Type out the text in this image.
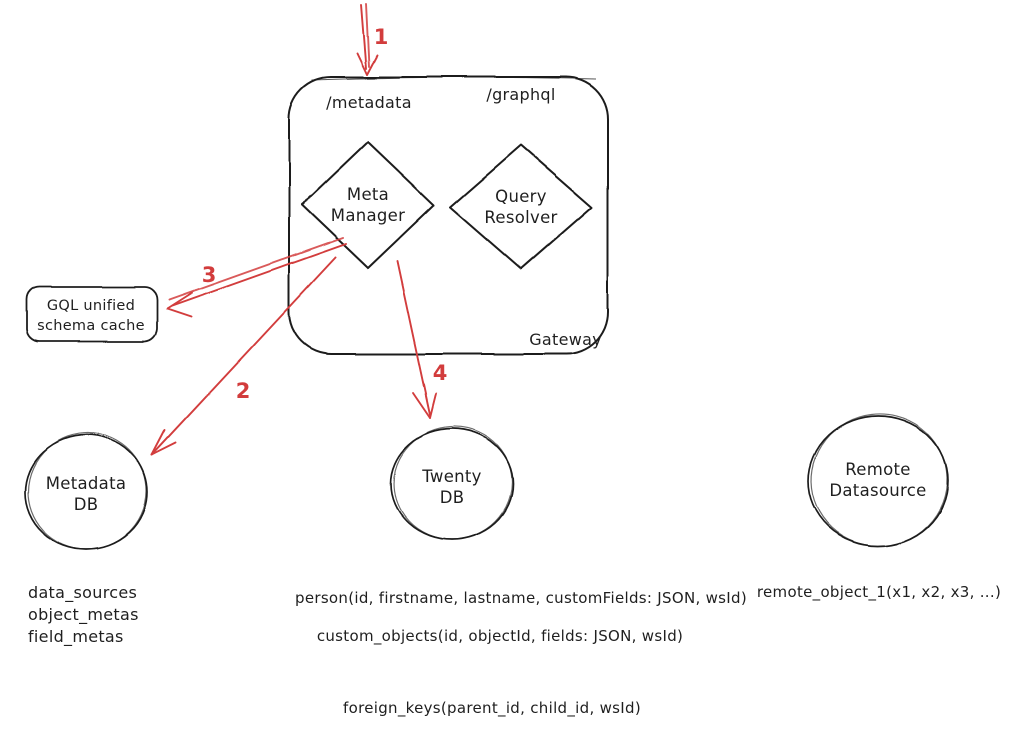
/metadata	/graphql
Meta
Manager
Query
Resolver
Gateway
GQL unified
schema cache
1
2
3
4
Metadata
DB
Twenty
DB
Remote
Datasource
data_sources
object_metas
field_metas
person(id, firstname, lastname, customFields: JSON, wsId)
custom_objects(id, objectId, fields: JSON, wsId)
foreign_keys(parent_id, child_id, wsId)
remote_object_1(x1, x2, x3, ...)
